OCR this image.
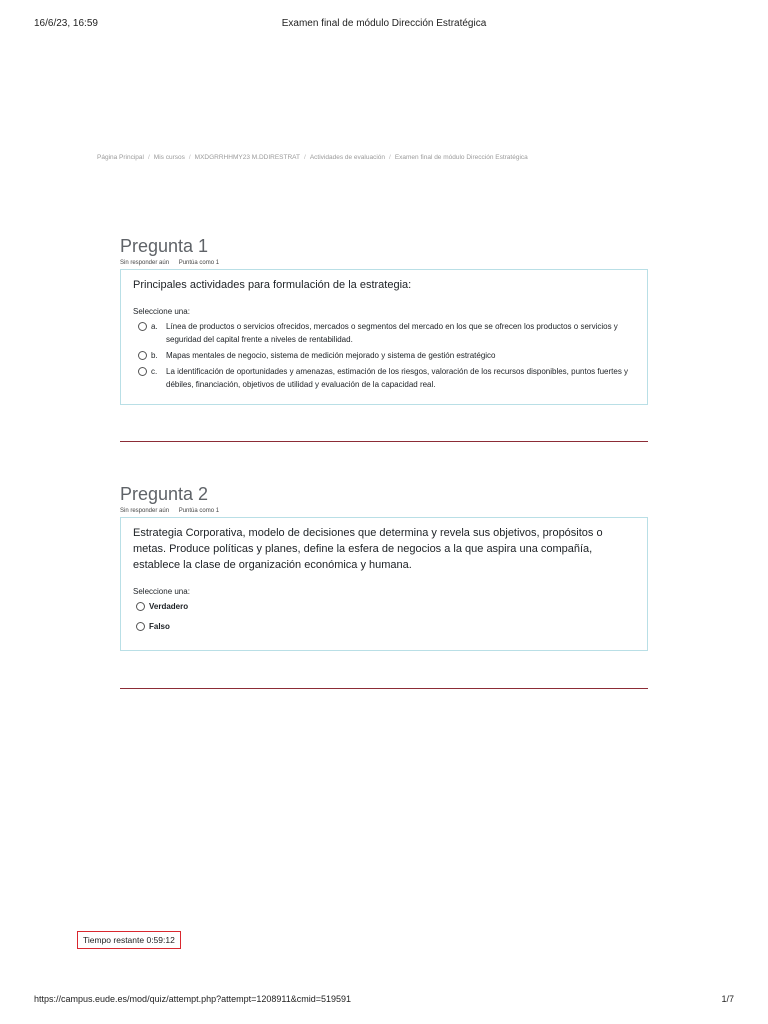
16/6/23, 16:59	Examen final de módulo Dirección Estratégica
Página Principal / Mis cursos / MXDGRRHHMY23 M.DDIRESTRAT / Actividades de evaluación / Examen final de módulo Dirección Estratégica
Pregunta 1
Sin responder aún Puntúa como 1
Principales actividades para formulación de la estrategia:
Seleccione una:
a.	Línea de productos o servicios ofrecidos, mercados o segmentos del mercado en los que se ofrecen los productos o servicios y seguridad del capital frente a niveles de rentabilidad.
b.	Mapas mentales de negocio, sistema de medición mejorado y sistema de gestión estratégico
c.	La identificación de oportunidades y amenazas, estimación de los riesgos, valoración de los recursos disponibles, puntos fuertes y débiles, financiación, objetivos de utilidad y evaluación de la capacidad real.
Pregunta 2
Sin responder aún Puntúa como 1
Estrategia Corporativa, modelo de decisiones que determina y revela sus objetivos, propósitos o metas. Produce políticas y planes, define la esfera de negocios a la que aspira una compañía, establece la clase de organización económica y humana.
Seleccione una:
Verdadero
Falso
Tiempo restante 0:59:12
https://campus.eude.es/mod/quiz/attempt.php?attempt=1208911&cmid=519591	1/7
